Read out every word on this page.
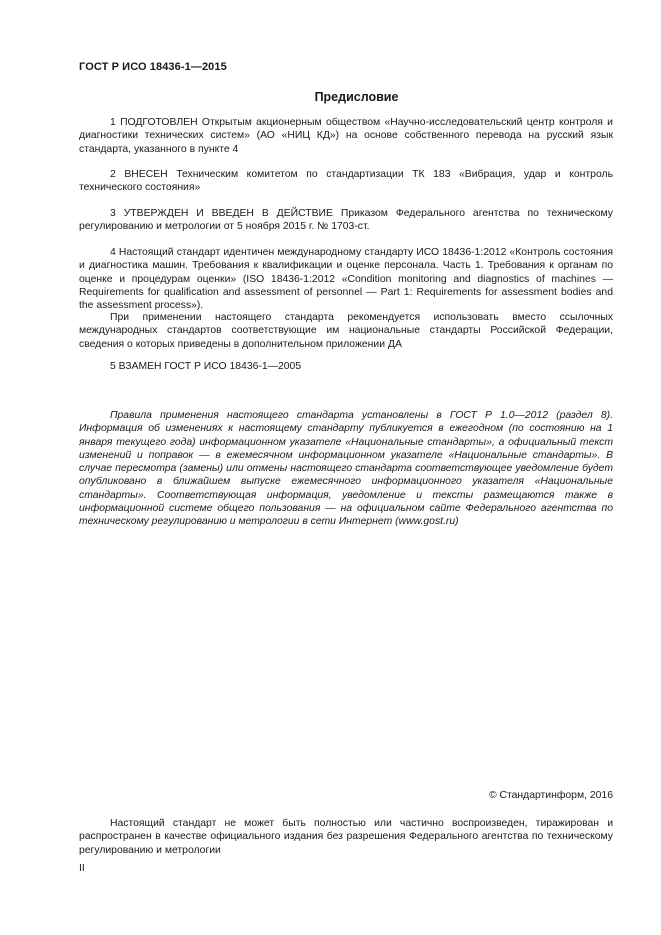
ГОСТ Р ИСО 18436-1—2015
Предисловие

1 ПОДГОТОВЛЕН Открытым акционерным обществом «Научно-исследовательский центр контроля и диагностики технических систем» (АО «НИЦ КД») на основе собственного перевода на русский язык стандарта, указанного в пункте 4

2 ВНЕСЕН Техническим комитетом по стандартизации ТК 183 «Вибрация, удар и контроль технического состояния»

3 УТВЕРЖДЕН И ВВЕДЕН В ДЕЙСТВИЕ Приказом Федерального агентства по техническому регулированию и метрологии от 5 ноября 2015 г. № 1703-ст.

4 Настоящий стандарт идентичен международному стандарту ИСО 18436-1:2012 «Контроль состояния и диагностика машин. Требования к квалификации и оценке персонала. Часть 1. Требования к органам по оценке и процедурам оценки» (ISO 18436-1:2012 «Condition monitoring and diagnostics of machines — Requirements for qualification and assessment of personnel — Part 1: Requirements for assessment bodies and the assessment process»).

При применении настоящего стандарта рекомендуется использовать вместо ссылочных международных стандартов соответствующие им национальные стандарты Российской Федерации, сведения о которых приведены в дополнительном приложении ДА

5 ВЗАМЕН ГОСТ Р ИСО 18436-1—2005

Правила применения настоящего стандарта установлены в ГОСТ Р 1.0—2012 (раздел 8). Информация об изменениях к настоящему стандарту публикуется в ежегодном (по состоянию на 1 января текущего года) информационном указателе «Национальные стандарты», а официальный текст изменений и поправок — в ежемесячном информационном указателе «Национальные стандарты». В случае пересмотра (замены) или отмены настоящего стандарта соответствующее уведомление будет опубликовано в ближайшем выпуске ежемесячного информационного указателя «Национальные стандарты». Соответствующая информация, уведомление и тексты размещаются также в информационной системе общего пользования — на официальном сайте Федерального агентства по техническому регулированию и метрологии в сети Интернет (www.gost.ru)

© Стандартинформ, 2016

Настоящий стандарт не может быть полностью или частично воспроизведен, тиражирован и распространен в качестве официального издания без разрешения Федерального агентства по техническому регулированию и метрологии

II
